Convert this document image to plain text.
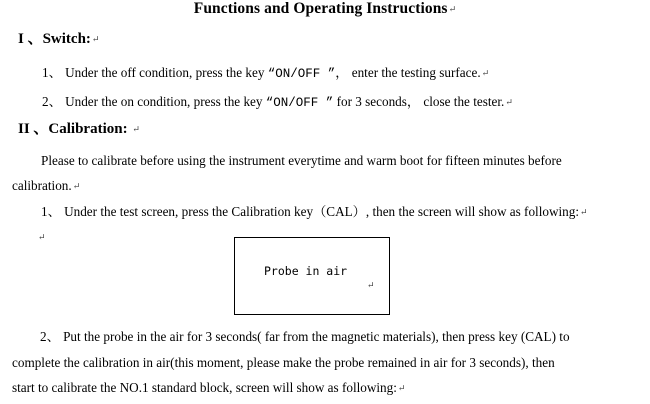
Functions and Operating Instructions↵
I 、Switch:↵
1、 Under the off condition, press the key “ON/OFF ”， enter the testing surface.↵
2、 Under the on condition, press the key “ON/OFF ” for 3 seconds， close the tester.↵
II 、Calibration: ↵
Please to calibrate before using the instrument everytime and warm boot for fifteen minutes before
calibration.↵
1、 Under the test screen, press the Calibration key（CAL）, then the screen will show as following:↵
↵
Probe in air
↵
2、 Put the probe in the air for 3 seconds( far from the magnetic materials), then press key (CAL) to
complete the calibration in air(this moment, please make the probe remained in air for 3 seconds), then
start to calibrate the NO.1 standard block, screen will show as following:↵
